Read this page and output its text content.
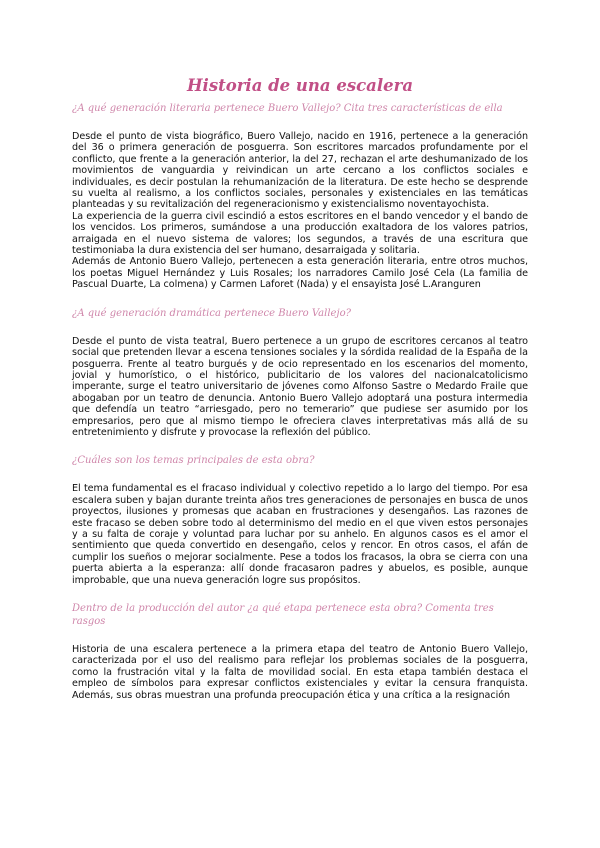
Historia de una escalera

¿A qué generación literaria pertenece Buero Vallejo? Cita tres características de ella

Desde el punto de vista biográfico, Buero Vallejo, nacido en 1916, pertenece a la generación del 36 o primera generación de posguerra. Son escritores marcados profundamente por el conflicto, que frente a la generación anterior, la del 27, rechazan el arte deshumanizado de los movimientos de vanguardia y reivindican un arte cercano a los conflictos sociales e individuales, es decir postulan la rehumanización de la literatura. De este hecho se desprende su vuelta al realismo, a los conflictos sociales, personales y existenciales en las temáticas planteadas y su revitalización del regeneracionismo y existencialismo noventayochista.

La experiencia de la guerra civil escindió a estos escritores en el bando vencedor y el bando de los vencidos. Los primeros, sumándose a una producción exaltadora de los valores patrios, arraigada en el nuevo sistema de valores; los segundos, a través de una escritura que testimoniaba la dura existencia del ser humano, desarraigada y solitaria.

Además de Antonio Buero Vallejo, pertenecen a esta generación literaria, entre otros muchos, los poetas Miguel Hernández y Luis Rosales; los narradores Camilo José Cela (La familia de Pascual Duarte, La colmena) y Carmen Laforet (Nada) y el ensayista José L.Aranguren

¿A qué generación dramática pertenece Buero Vallejo?

Desde el punto de vista teatral, Buero pertenece a un grupo de escritores cercanos al teatro social que pretenden llevar a escena tensiones sociales y la sórdida realidad de la España de la posguerra. Frente al teatro burgués y de ocio representado en los escenarios del momento, jovial y humorístico, o el histórico, publicitario de los valores del nacionalcatolicismo imperante, surge el teatro universitario de jóvenes como Alfonso Sastre o Medardo Fraile que abogaban por un teatro de denuncia. Antonio Buero Vallejo adoptará una postura intermedia que defendía un teatro “arriesgado, pero no temerario” que pudiese ser asumido por los empresarios, pero que al mismo tiempo le ofreciera claves interpretativas más allá de su entretenimiento y disfrute y provocase la reflexión del público.

¿Cuáles son los temas principales de esta obra?

El tema fundamental es el fracaso individual y colectivo repetido a lo largo del tiempo. Por esa escalera suben y bajan durante treinta años tres generaciones de personajes en busca de unos proyectos, ilusiones y promesas que acaban en frustraciones y desengaños. Las razones de este fracaso se deben sobre todo al determinismo del medio en el que viven estos personajes y a su falta de coraje y voluntad para luchar por su anhelo. En algunos casos es el amor el sentimiento que queda convertido en desengaño, celos y rencor. En otros casos, el afán de cumplir los sueños o mejorar socialmente. Pese a todos los fracasos, la obra se cierra con una puerta abierta a la esperanza: allí donde fracasaron padres y abuelos, es posible, aunque improbable, que una nueva generación logre sus propósitos.

Dentro de la producción del autor ¿a qué etapa pertenece esta obra? Comenta tres rasgos

Historia de una escalera pertenece a la primera etapa del teatro de Antonio Buero Vallejo, caracterizada por el uso del realismo para reflejar los problemas sociales de la posguerra, como la frustración vital y la falta de movilidad social. En esta etapa también destaca el empleo de símbolos para expresar conflictos existenciales y evitar la censura franquista. Además, sus obras muestran una profunda preocupación ética y una crítica a la resignación
